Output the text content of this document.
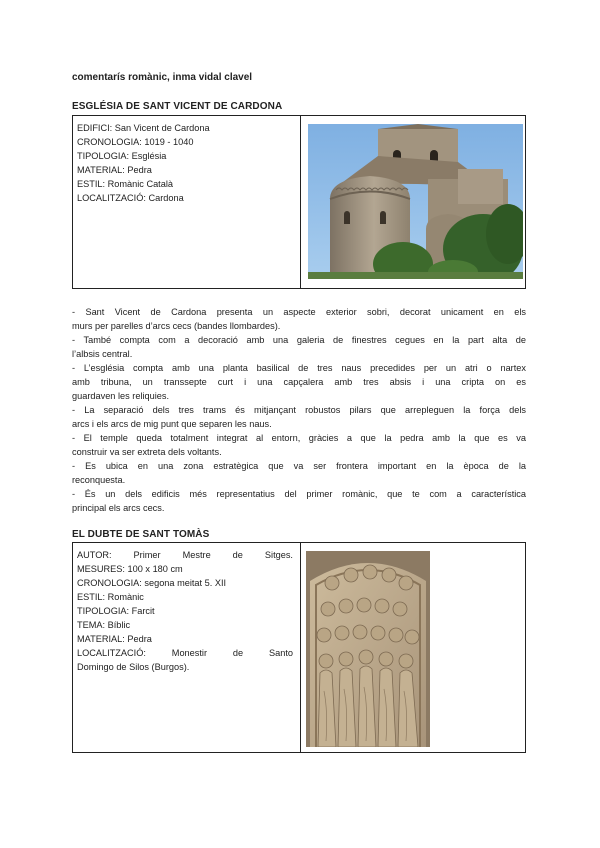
comentarís romànic, inma vidal clavel
ESGLÉSIA DE SANT VICENT DE CARDONA
EDIFICI: San Vicent de Cardona
CRONOLOGIA: 1019 - 1040
TIPOLOGIA: Església
MATERIAL: Pedra
ESTIL: Romànic Català
LOCALITZACIÓ: Cardona
- Sant Vicent de Cardona presenta un aspecte exterior sobri, decorat unicament en els
murs per parelles d’arcs cecs (bandes llombardes).
- També compta com a decoració amb una galeria de finestres cegues en la part alta de
l’albsis central.
- L’església compta amb una planta basilical de tres naus precedides per un atri o nartex
amb tribuna, un transsepte curt i una capçalera amb tres absis i una cripta on es
guardaven les reliquies.
- La separació dels tres trams és mitjançant robustos pilars que arrepleguen la força dels
arcs i els arcs de mig punt que separen les naus.
- El temple queda totalment integrat al entorn, gràcies a que la pedra amb la que es va
construir va ser extreta dels voltants.
- Es ubica en una zona estratègica que va ser frontera important en la època de la
reconquesta.
- És un dels edificis més representatius del primer romànic, que te com a característica
principal els arcs cecs.
EL DUBTE DE SANT TOMÀS
AUTOR: Primer Mestre de Sitges.
MESURES: 100 x 180 cm
CRONOLOGIA: segona meitat 5. XII
ESTIL: Romànic
TIPOLOGIA: Farcit
TEMA: Bíblic
MATERIAL: Pedra
LOCALITZACIÓ: Monestir de Santo
Domingo de Silos (Burgos).
